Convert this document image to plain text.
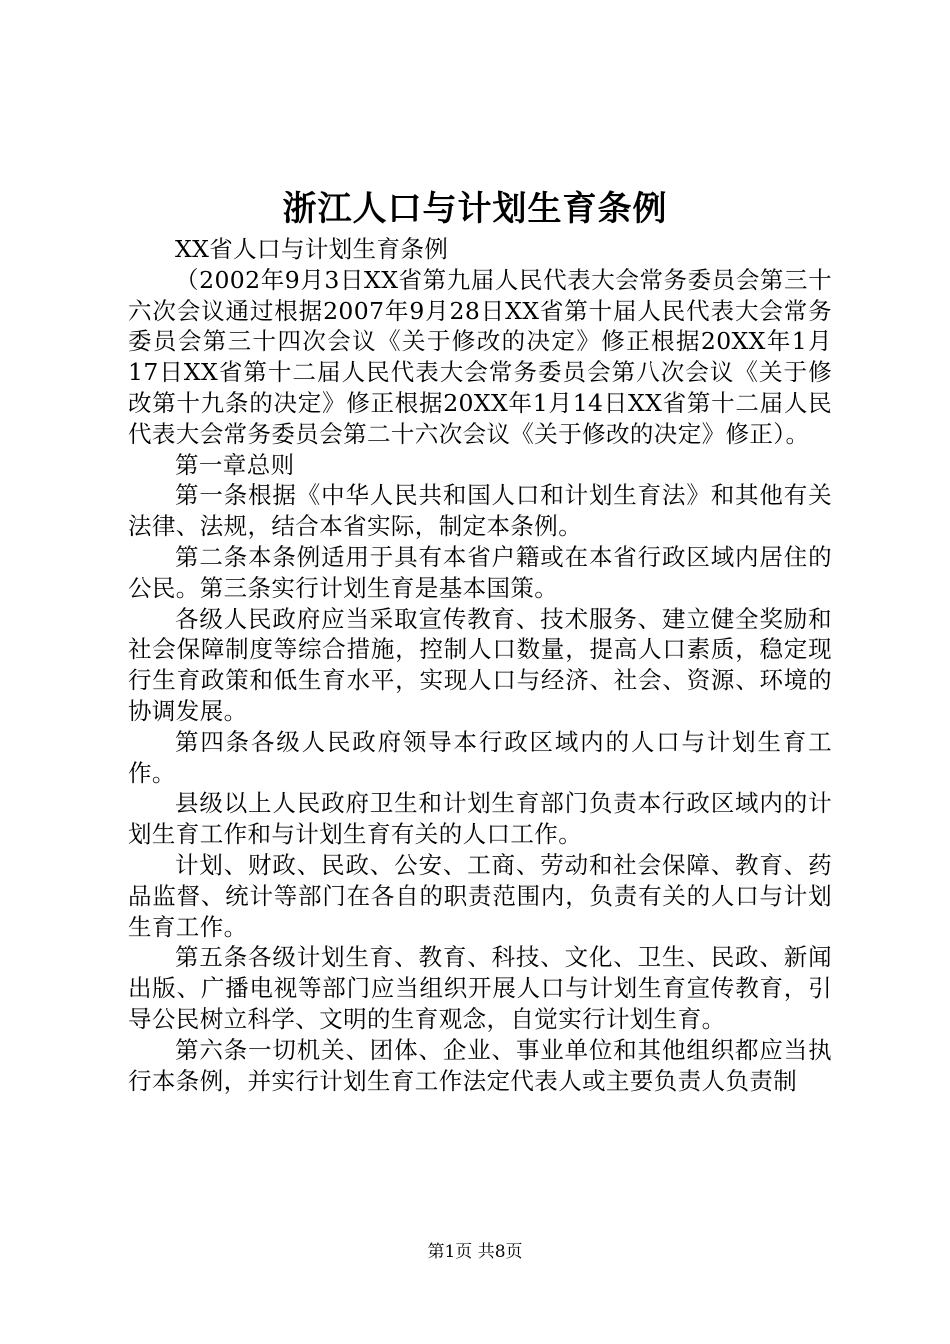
浙江人口与计划生育条例

XX省人口与计划生育条例

（2002年9月3日XX省第九届人民代表大会常务委员会第三十六次会议通过根据2007年9月28日XX省第十届人民代表大会常务委员会第三十四次会议《关于修改的决定》修正根据20XX年1月17日XX省第十二届人民代表大会常务委员会第八次会议《关于修改第十九条的决定》修正根据20XX年1月14日XX省第十二届人民代表大会常务委员会第二十六次会议《关于修改的决定》修正）。

第一章总则

第一条根据《中华人民共和国人口和计划生育法》和其他有关法律、法规，结合本省实际，制定本条例。

第二条本条例适用于具有本省户籍或在本省行政区域内居住的公民。第三条实行计划生育是基本国策。

各级人民政府应当采取宣传教育、技术服务、建立健全奖励和社会保障制度等综合措施，控制人口数量，提高人口素质，稳定现行生育政策和低生育水平，实现人口与经济、社会、资源、环境的协调发展。

第四条各级人民政府领导本行政区域内的人口与计划生育工作。

县级以上人民政府卫生和计划生育部门负责本行政区域内的计划生育工作和与计划生育有关的人口工作。

计划、财政、民政、公安、工商、劳动和社会保障、教育、药品监督、统计等部门在各自的职责范围内，负责有关的人口与计划生育工作。

第五条各级计划生育、教育、科技、文化、卫生、民政、新闻出版、广播电视等部门应当组织开展人口与计划生育宣传教育，引导公民树立科学、文明的生育观念，自觉实行计划生育。

第六条一切机关、团体、企业、事业单位和其他组织都应当执行本条例，并实行计划生育工作法定代表人或主要负责人负责制

第1页 共8页
